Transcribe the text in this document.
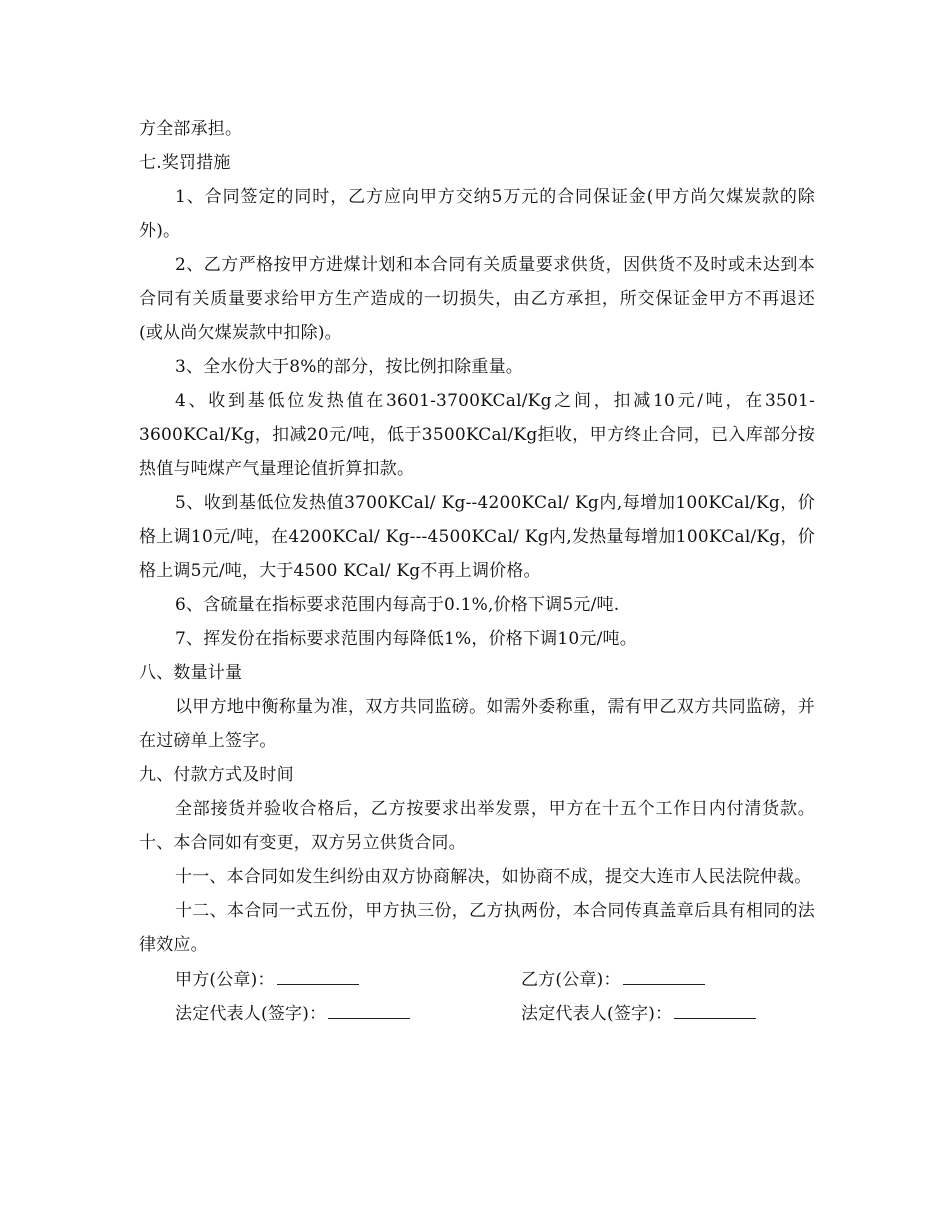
方全部承担。

七.奖罚措施

1、合同签定的同时，乙方应向甲方交纳5万元的合同保证金(甲方尚欠煤炭款的除外)。

2、乙方严格按甲方进煤计划和本合同有关质量要求供货，因供货不及时或未达到本合同有关质量要求给甲方生产造成的一切损失，由乙方承担，所交保证金甲方不再退还(或从尚欠煤炭款中扣除)。

3、全水份大于8%的部分，按比例扣除重量。

4、收到基低位发热值在3601-3700KCal/Kg之间，扣减10元/吨，在3501-3600KCal/Kg，扣减20元/吨，低于3500KCal/Kg拒收，甲方终止合同，已入库部分按热值与吨煤产气量理论值折算扣款。

5、收到基低位发热值3700KCal/ Kg--4200KCal/ Kg内,每增加100KCal/Kg，价格上调10元/吨，在4200KCal/ Kg---4500KCal/ Kg内,发热量每增加100KCal/Kg，价格上调5元/吨，大于4500 KCal/ Kg不再上调价格。

6、含硫量在指标要求范围内每高于0.1%,价格下调5元/吨.

7、挥发份在指标要求范围内每降低1%，价格下调10元/吨。

八、数量计量

以甲方地中衡称量为准，双方共同监磅。如需外委称重，需有甲乙双方共同监磅，并在过磅单上签字。

九、付款方式及时间

全部接货并验收合格后，乙方按要求出举发票，甲方在十五个工作日内付清货款。 十、本合同如有变更，双方另立供货合同。

十一、本合同如发生纠纷由双方协商解决，如协商不成，提交大连市人民法院仲裁。

十二、本合同一式五份，甲方执三份，乙方执两份，本合同传真盖章后具有相同的法律效应。

甲方(公章)：	乙方(公章)：
法定代表人(签字)：	法定代表人(签字)：
